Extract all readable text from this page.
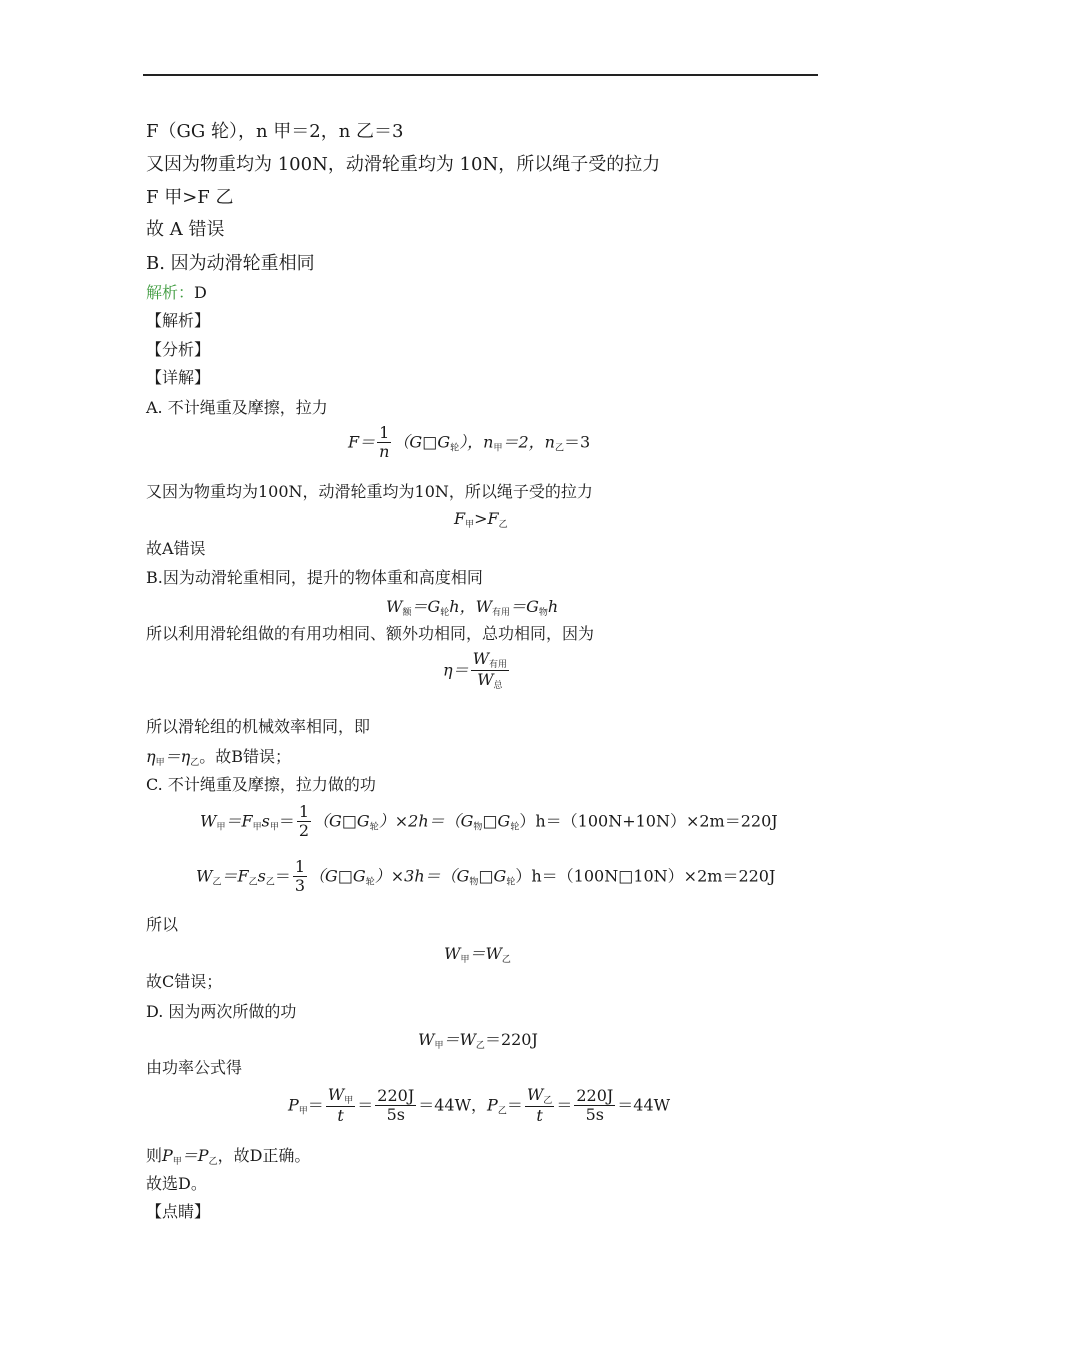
F（GG 轮），n 甲＝2，n 乙＝3
又因为物重均为 100N，动滑轮重均为 10N，所以绳子受的拉力
F 甲>F 乙
故 A 错误
B. 因为动滑轮重相同
解析：D
【解析】
【分析】
【详解】
A. 不计绳重及摩擦，拉力
$F= \frac{1}{n}$ $(G□G_轮)$，$n_甲=2$，$n_乙=3$
又因为物重均为100N，动滑轮重均为10N，所以绳子受的拉力
$F_甲>F_乙$
故A错误
B.因为动滑轮重相同，提升的物体重和高度相同
$W_额=G_轮h$，$W_{有用}=G_物h$
所以利用滑轮组做的有用功相同、额外功相同，总功相同，因为
$\eta= \frac{W_{有用}}{W_总}$
所以滑轮组的机械效率相同，即
$\eta_甲=\eta_乙$。故B错误；
C. 不计绳重及摩擦，拉力做的功
$W_甲=F_甲s_甲= \frac{1}{2}$ $(G□G_轮)\times 2h=(G_物□G_轮)h=(100N+10N)\times 2m=220J$
$W_乙=F_乙s_乙= \frac{1}{3}$ $(G□G_轮)\times 3h=(G_物□G_轮)h=(100N□10N)\times 2m=220J$
所以
$W_甲=W_乙$
故C错误；
D. 因为两次所做的功
$W_甲=W_乙=220J$
由功率公式得
$P_甲= \frac{W_甲}{t} = \frac{220J}{5s} =44W$，$P_乙= \frac{W_乙}{t} = \frac{220J}{5s} =44W$
则$P_甲=P_乙$，故D正确。
故选D。
【点睛】
